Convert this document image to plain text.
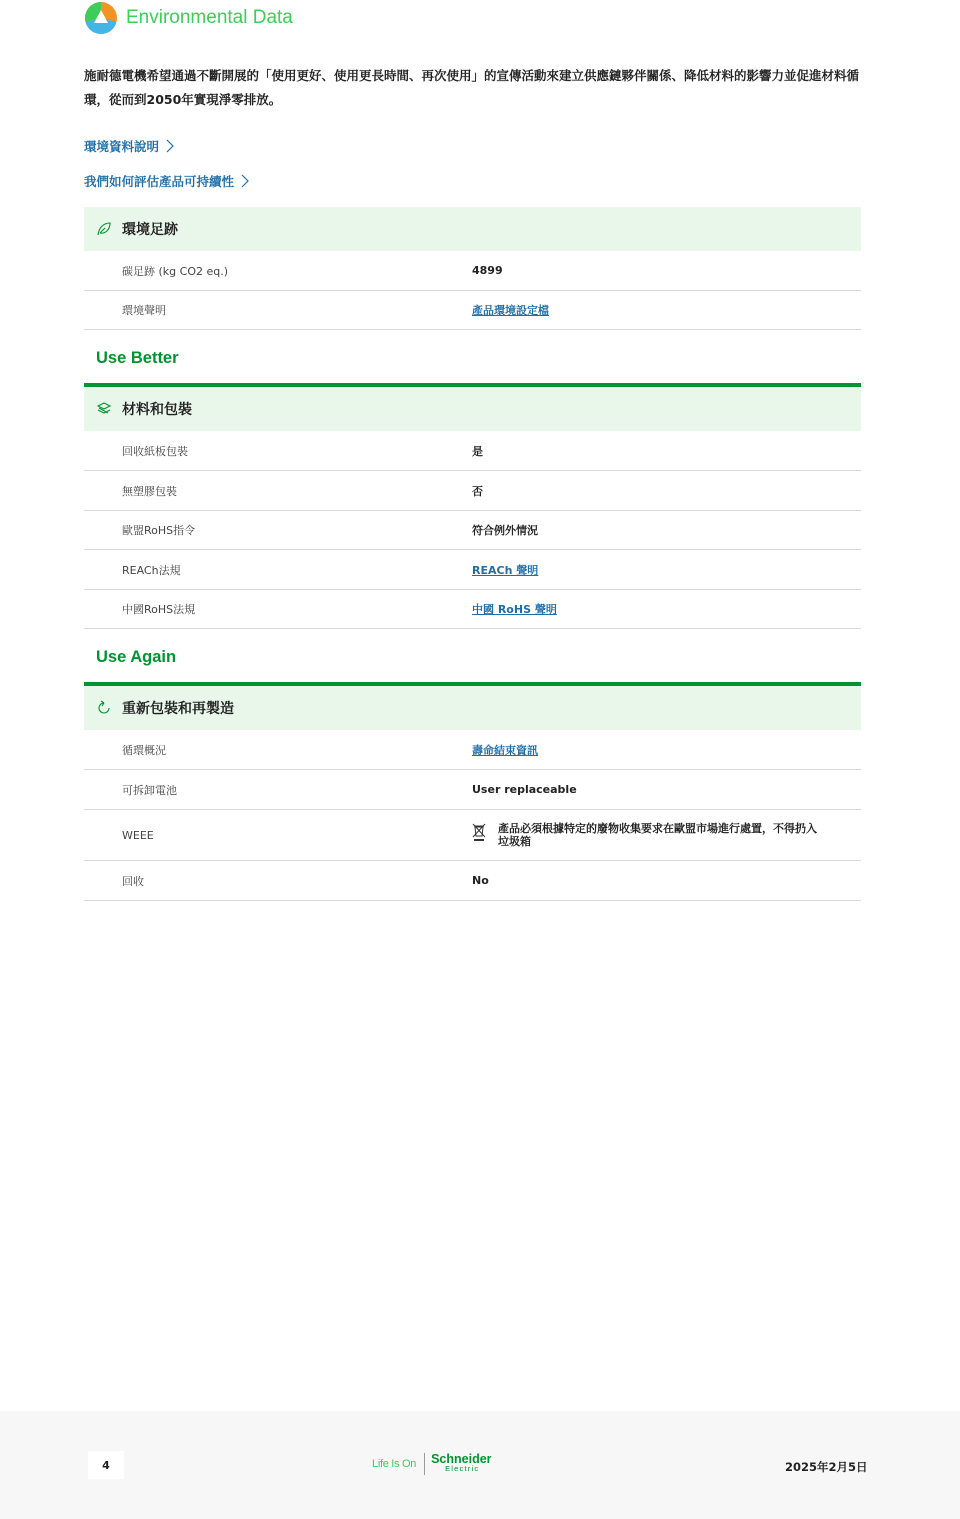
Environmental Data

施耐德電機希望通過不斷開展的「使用更好、使用更長時間、再次使用」的宣傳活動來建立供應鏈夥伴關係、降低材料的影響力並促進材料循環，從而到2050年實現淨零排放。

環境資料說明
我們如何評估產品可持續性
環境足跡
碳足跡 (kg CO2 eq.)	4899
環境聲明	產品環境設定檔
Use Better
材料和包裝
回收紙板包裝	是
無塑膠包裝	否
歐盟RoHS指令	符合例外情況
REACh法規	REACh 聲明
中國RoHS法規	中國 RoHS 聲明
Use Again
重新包裝和再製造
循環概況	壽命結束資訊
可拆卸電池	User replaceable
WEEE	產品必須根據特定的廢物收集要求在歐盟市場進行處置，不得扔入垃圾箱
回收	No
4	Life Is On Schneider
Electric	2025年2月5日
